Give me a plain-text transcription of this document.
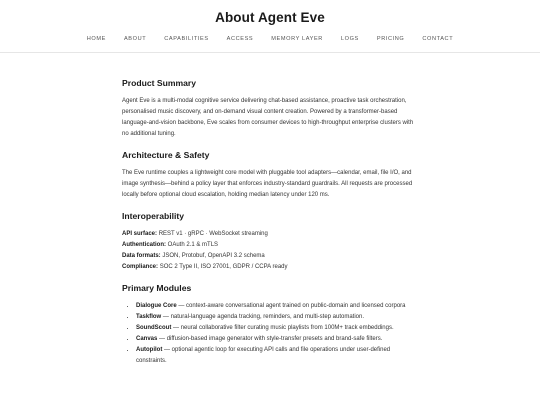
About Agent Eve
HOME	ABOUT	CAPABILITIES	ACCESS	MEMORY LAYER	LOGS	PRICING	CONTACT
Product Summary

Agent Eve is a multi-modal cognitive service delivering chat-based assistance, proactive task orchestration, personalised music discovery, and on-demand visual content creation. Powered by a transformer-based language-and-vision backbone, Eve scales from consumer devices to high-throughput enterprise clusters with no additional tuning.

Architecture & Safety

The Eve runtime couples a lightweight core model with pluggable tool adapters—calendar, email, file I/O, and image synthesis—behind a policy layer that enforces industry-standard guardrails. All requests are processed locally before optional cloud escalation, holding median latency under 120 ms.

Interoperability
API surface: REST v1 · gRPC · WebSocket streaming
Authentication: OAuth 2.1 & mTLS
Data formats: JSON, Protobuf, OpenAPI 3.2 schema
Compliance: SOC 2 Type II, ISO 27001, GDPR / CCPA ready
Primary Modules
• Dialogue Core — context-aware conversational agent trained on public-domain and licensed corpora
• Taskflow — natural-language agenda tracking, reminders, and multi-step automation.
• SoundScout — neural collaborative filter curating music playlists from 100M+ track embeddings.
• Canvas — diffusion-based image generator with style-transfer presets and brand-safe filters.
• Autopilot — optional agentic loop for executing API calls and file operations under user-defined constraints.
